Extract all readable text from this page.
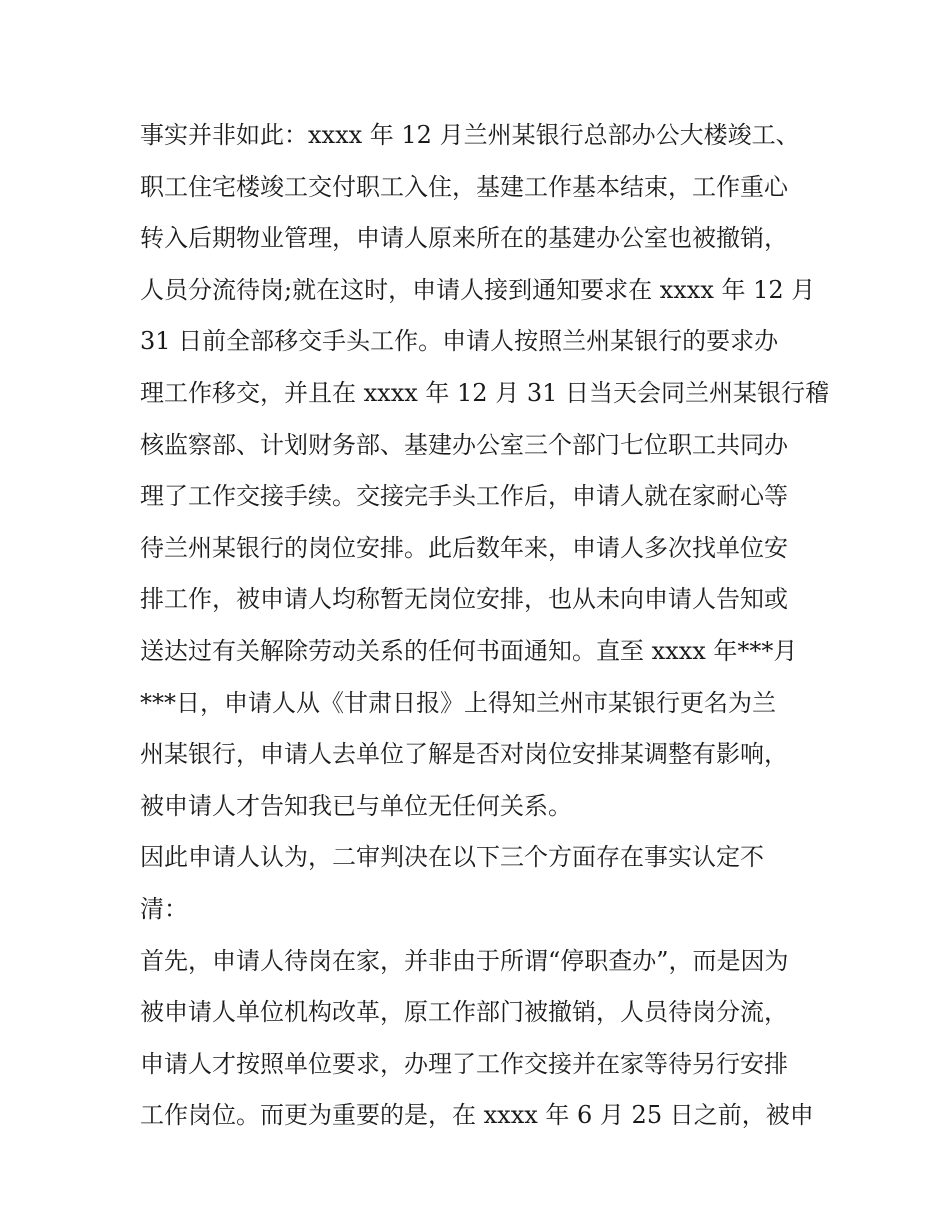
事实并非如此：xxxx 年 12 月兰州某银行总部办公大楼竣工、
职工住宅楼竣工交付职工入住，基建工作基本结束，工作重心
转入后期物业管理，申请人原来所在的基建办公室也被撤销，
人员分流待岗;就在这时，申请人接到通知要求在 xxxx 年 12 月
31 日前全部移交手头工作。申请人按照兰州某银行的要求办
理工作移交，并且在 xxxx 年 12 月 31 日当天会同兰州某银行稽
核监察部、计划财务部、基建办公室三个部门七位职工共同办
理了工作交接手续。交接完手头工作后，申请人就在家耐心等
待兰州某银行的岗位安排。此后数年来，申请人多次找单位安
排工作，被申请人均称暂无岗位安排，也从未向申请人告知或
送达过有关解除劳动关系的任何书面通知。直至 xxxx 年***月
***日，申请人从《甘肃日报》上得知兰州市某银行更名为兰
州某银行，申请人去单位了解是否对岗位安排某调整有影响，
被申请人才告知我已与单位无任何关系。
因此申请人认为，二审判决在以下三个方面存在事实认定不
清：
首先，申请人待岗在家，并非由于所谓“停职查办”，而是因为
被申请人单位机构改革，原工作部门被撤销，人员待岗分流，
申请人才按照单位要求，办理了工作交接并在家等待另行安排
工作岗位。而更为重要的是，在 xxxx 年 6 月 25 日之前，被申
